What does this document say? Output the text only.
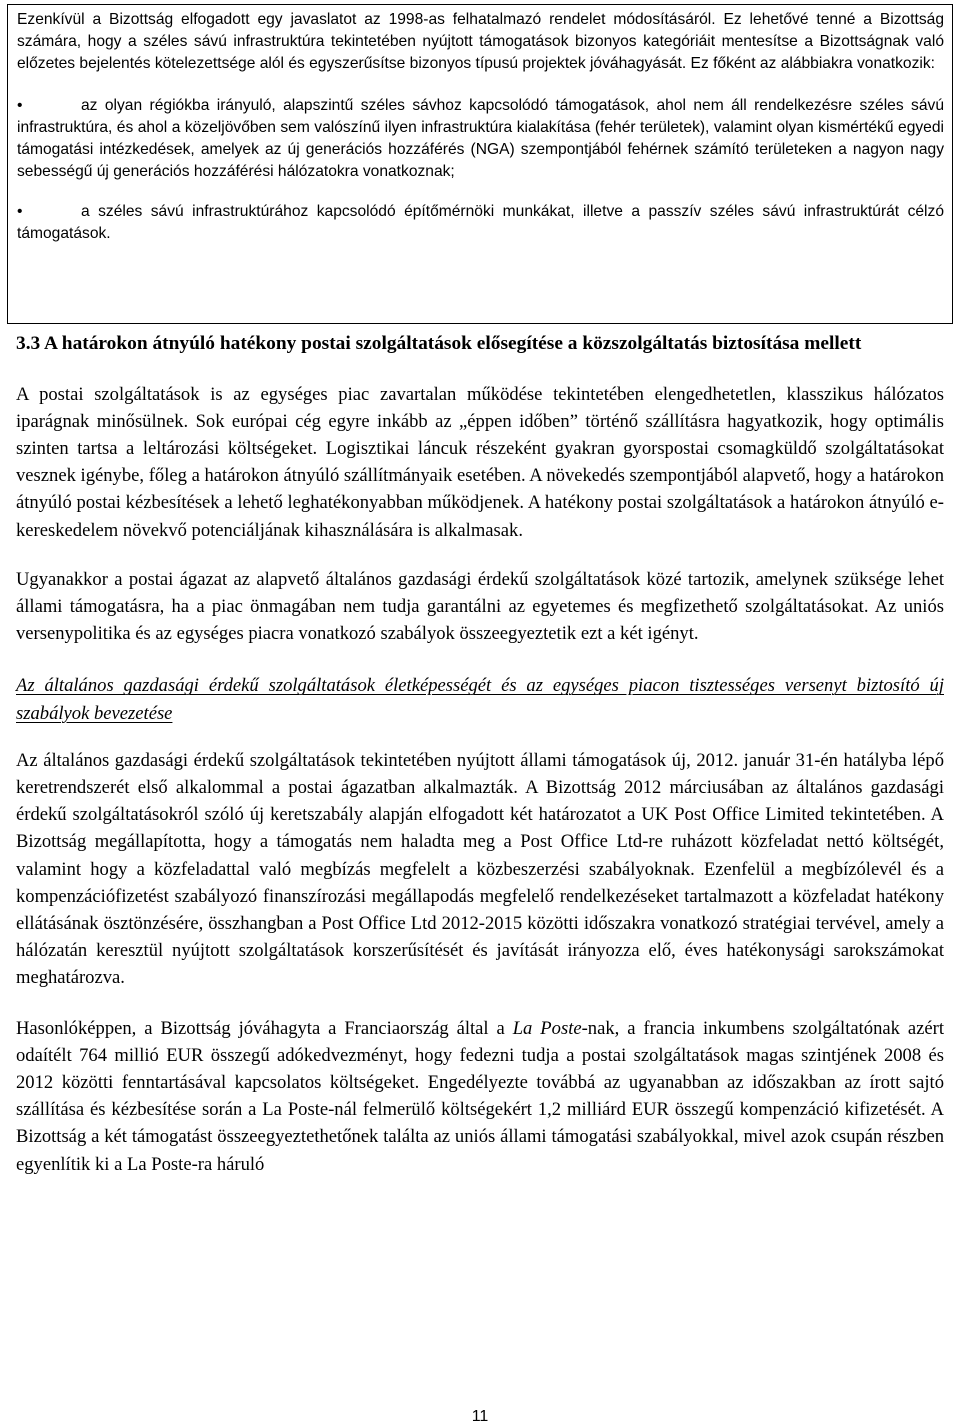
Ezenkívül a Bizottság elfogadott egy javaslatot az 1998-as felhatalmazó rendelet módosításáról. Ez lehetővé tenné a Bizottság számára, hogy a széles sávú infrastruktúra tekintetében nyújtott támogatások bizonyos kategóriáit mentesítse a Bizottságnak való előzetes bejelentés kötelezettsége alól és egyszerűsítse bizonyos típusú projektek jóváhagyását. Ez főként az alábbiakra vonatkozik:

•	az olyan régiókba irányuló, alapszintű széles sávhoz kapcsolódó támogatások, ahol nem áll rendelkezésre széles sávú infrastruktúra, és ahol a közeljövőben sem valószínű ilyen infrastruktúra kialakítása (fehér területek), valamint olyan kismértékű egyedi támogatási intézkedések, amelyek az új generációs hozzáférés (NGA) szempontjából fehérnek számító területeken a nagyon nagy sebességű új generációs hozzáférési hálózatokra vonatkoznak;

•	a széles sávú infrastruktúrához kapcsolódó építőmérnöki munkákat, illetve a passzív széles sávú infrastruktúrát célzó támogatások.

3.3 A határokon átnyúló hatékony postai szolgáltatások elősegítése a közszolgáltatás biztosítása mellett

A postai szolgáltatások is az egységes piac zavartalan működése tekintetében elengedhetetlen, klasszikus hálózatos iparágnak minősülnek. Sok európai cég egyre inkább az „éppen időben” történő szállításra hagyatkozik, hogy optimális szinten tartsa a leltározási költségeket. Logisztikai láncuk részeként gyakran gyorspostai csomagküldő szolgáltatásokat vesznek igénybe, főleg a határokon átnyúló szállítmányaik esetében. A növekedés szempontjából alapvető, hogy a határokon átnyúló postai kézbesítések a lehető leghatékonyabban működjenek. A hatékony postai szolgáltatások a határokon átnyúló e-kereskedelem növekvő potenciáljának kihasználására is alkalmasak.

Ugyanakkor a postai ágazat az alapvető általános gazdasági érdekű szolgáltatások közé tartozik, amelynek szüksége lehet állami támogatásra, ha a piac önmagában nem tudja garantálni az egyetemes és megfizethető szolgáltatásokat. Az uniós versenypolitika és az egységes piacra vonatkozó szabályok összeegyeztetik ezt a két igényt.

Az általános gazdasági érdekű szolgáltatások életképességét és az egységes piacon tisztességes versenyt biztosító új szabályok bevezetése

Az általános gazdasági érdekű szolgáltatások tekintetében nyújtott állami támogatások új, 2012. január 31-én hatályba lépő keretrendszerét első alkalommal a postai ágazatban alkalmazták. A Bizottság 2012 márciusában az általános gazdasági érdekű szolgáltatásokról szóló új keretszabály alapján elfogadott két határozatot a UK Post Office Limited tekintetében. A Bizottság megállapította, hogy a támogatás nem haladta meg a Post Office Ltd-re ruházott közfeladat nettó költségét, valamint hogy a közfeladattal való megbízás megfelelt a közbeszerzési szabályoknak. Ezenfelül a megbízólevél és a kompenzációfizetést szabályozó finanszírozási megállapodás megfelelő rendelkezéseket tartalmazott a közfeladat hatékony ellátásának ösztönzésére, összhangban a Post Office Ltd 2012-2015 közötti időszakra vonatkozó stratégiai tervével, amely a hálózatán keresztül nyújtott szolgáltatások korszerűsítését és javítását irányozza elő, éves hatékonysági sarokszámokat meghatározva.

Hasonlóképpen, a Bizottság jóváhagyta a Franciaország által a La Poste-nak, a francia inkumbens szolgáltatónak azért odaítélt 764 millió EUR összegű adókedvezményt, hogy fedezni tudja a postai szolgáltatások magas szintjének 2008 és 2012 közötti fenntartásával kapcsolatos költségeket. Engedélyezte továbbá az ugyanabban az időszakban az írott sajtó szállítása és kézbesítése során a La Poste-nál felmerülő költségekért 1,2 milliárd EUR összegű kompenzáció kifizetését. A Bizottság a két támogatást összeegyeztethetőnek találta az uniós állami támogatási szabályokkal, mivel azok csupán részben egyenlítik ki a La Poste-ra háruló

11
